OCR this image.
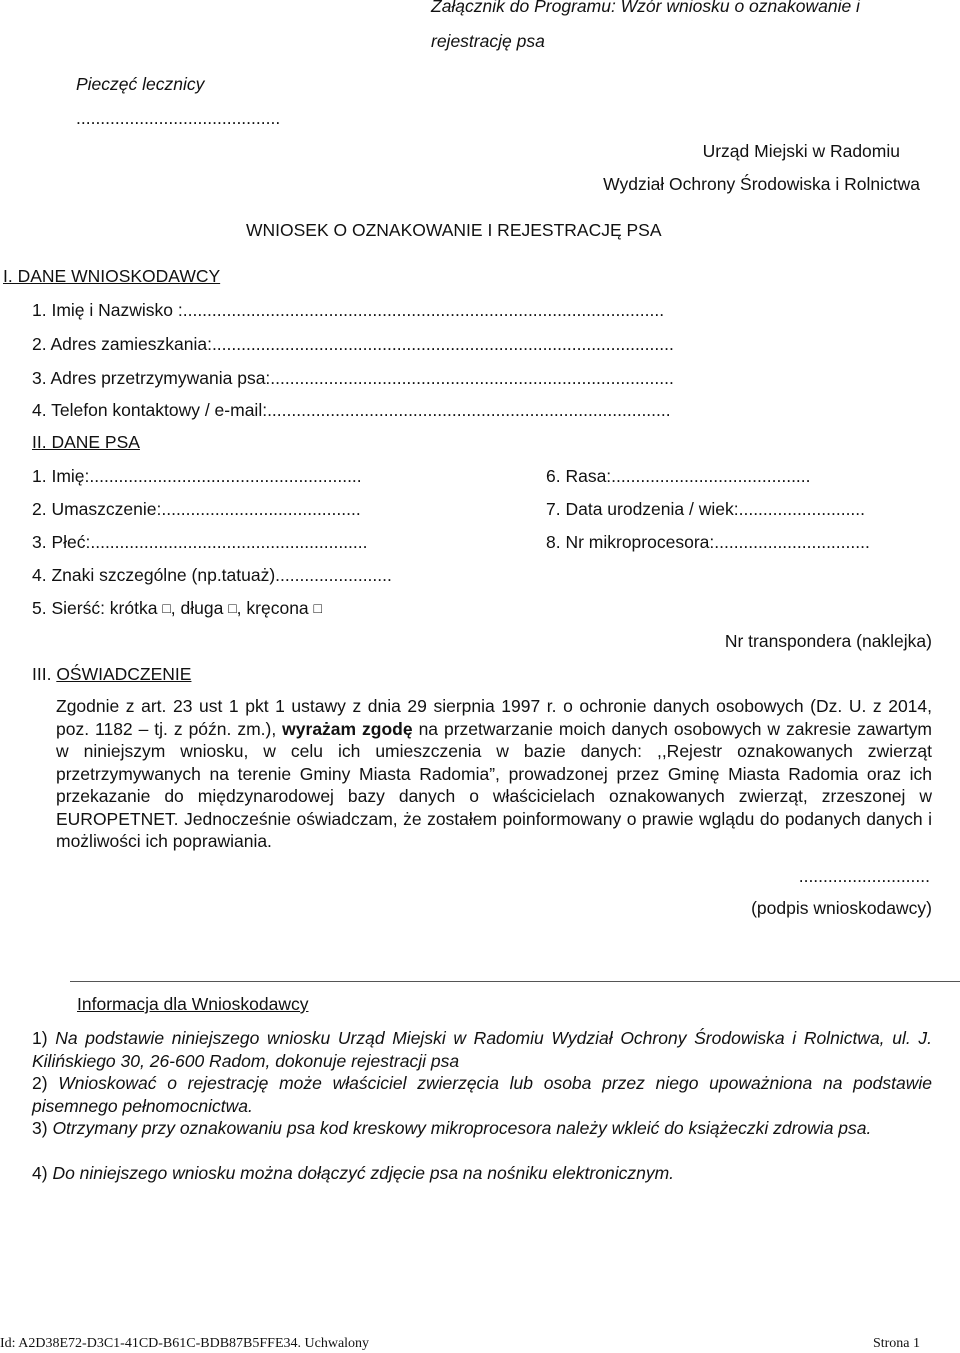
Załącznik do Programu: Wzór wniosku o oznakowanie i
rejestrację psa
Pieczęć lecznicy
..........................................
Urząd Miejski w Radomiu
Wydział Ochrony Środowiska i Rolnictwa
WNIOSEK O OZNAKOWANIE I REJESTRACJĘ PSA
I. DANE WNIOSKODAWCY
1. Imię i Nazwisko :...................................................................................................
2. Adres zamieszkania:...............................................................................................
3. Adres przetrzymywania psa:...................................................................................
4. Telefon kontaktowy / e-mail:...................................................................................
II. DANE PSA
1. Imię:........................................................
2. Umaszczenie:.........................................
3. Płeć:.........................................................
4. Znaki szczególne (np.tatuaż)........................
6. Rasa:.........................................
7. Data urodzenia / wiek:..........................
8. Nr mikroprocesora:................................
5. Sierść: krótka □, długa □, kręcona □
Nr transpondera (naklejka)
III. OŚWIADCZENIE
Zgodnie z art. 23 ust 1 pkt 1 ustawy z dnia 29 sierpnia 1997 r. o ochronie danych osobowych (Dz. U. z 2014, poz. 1182 – tj. z późn. zm.), wyrażam zgodę na przetwarzanie moich danych osobowych w zakresie zawartym w niniejszym wniosku, w celu ich umieszczenia w bazie danych: ,,Rejestr oznakowanych zwierząt przetrzymywanych na terenie Gminy Miasta Radomia”, prowadzonej przez Gminę Miasta Radomia oraz ich przekazanie do międzynarodowej bazy danych o właścicielach oznakowanych zwierząt, zrzeszonej w EUROPETNET. Jednocześnie oświadczam, że zostałem poinformowany o prawie wglądu do podanych danych i możliwości ich poprawiania.
...........................
(podpis wnioskodawcy)
Informacja dla Wnioskodawcy
1) Na podstawie niniejszego wniosku Urząd Miejski w Radomiu Wydział Ochrony Środowiska i Rolnictwa, ul. J. Kilińskiego 30, 26-600 Radom, dokonuje rejestracji psa
2) Wnioskować o rejestrację może właściciel zwierzęcia lub osoba przez niego upoważniona na podstawie pisemnego pełnomocnictwa.
3) Otrzymany przy oznakowaniu psa kod kreskowy mikroprocesora należy wkleić do książeczki zdrowia psa.
4) Do niniejszego wniosku można dołączyć zdjęcie psa na nośniku elektronicznym.
Id: A2D38E72-D3C1-41CD-B61C-BDB87B5FFE34. Uchwalony	Strona 1
